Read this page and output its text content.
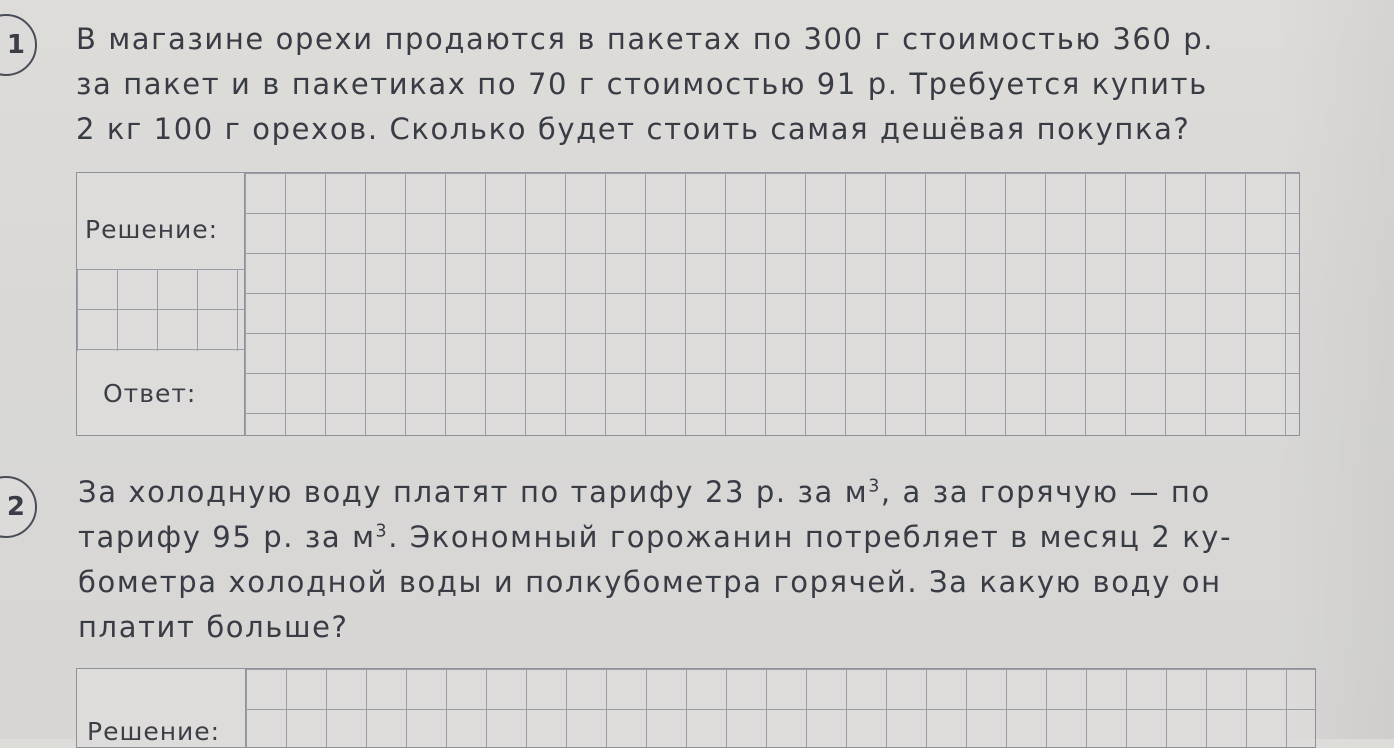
1	В магазине орехи продаются в пакетах по 300 г стоимостью 360 р.
за пакет и в пакетиках по 70 г стоимостью 91 р. Требуется купить
2 кг 100 г орехов. Сколько будет стоить самая дешёвая покупка?
Решение:
Ответ:
2	За холодную воду платят по тарифу 23 р. за $м^3$, а за горячую — по
тарифу 95 р. за $м^3$. Экономный горожанин потребляет в месяц 2 ку-
бометра холодной воды и полкубометра горячей. За какую воду он
платит больше?
Решение:
